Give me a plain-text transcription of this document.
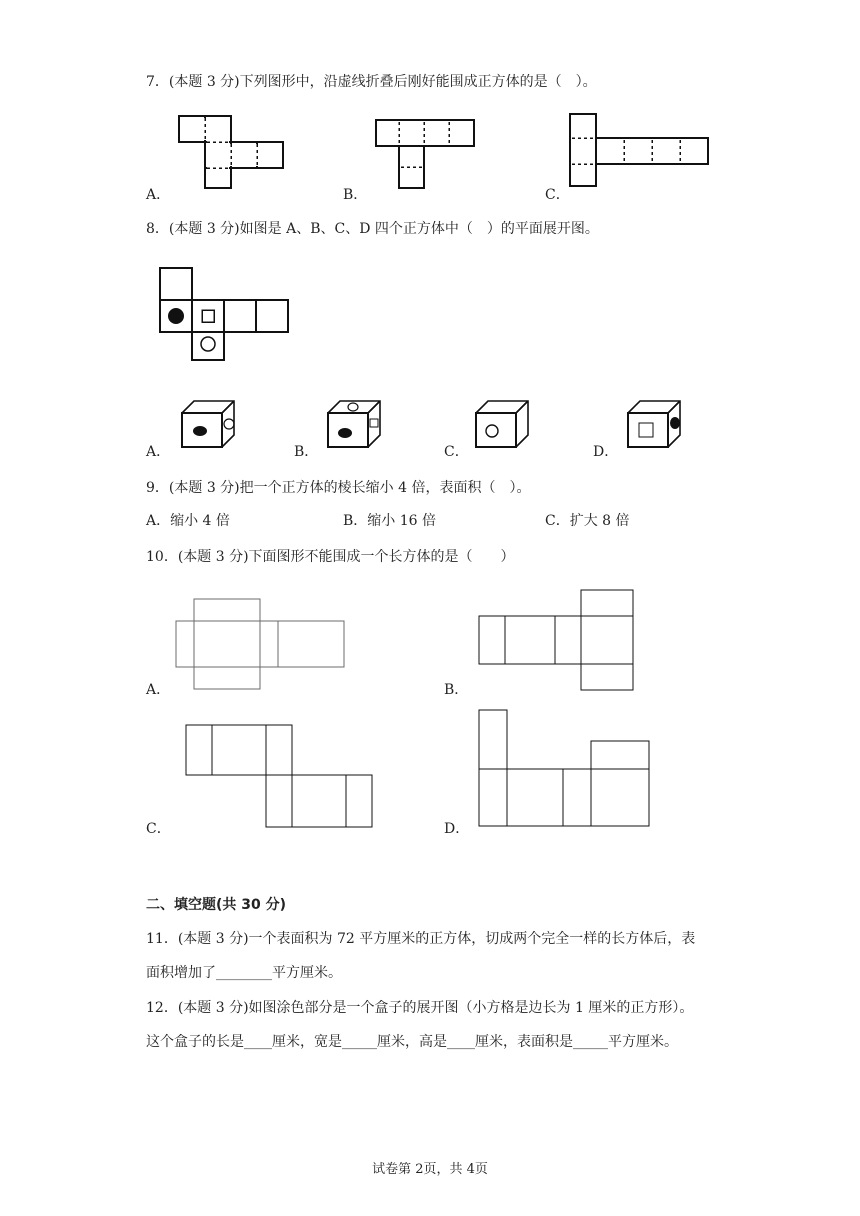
7．(本题 3 分)下列图形中，沿虚线折叠后刚好能围成正方体的是（　）。
A．	B．	C．
8．(本题 3 分)如图是 A、B、C、D 四个正方体中（　）的平面展开图。
A．	B．	C．	D．
9．(本题 3 分)把一个正方体的棱长缩小 4 倍，表面积（　）。
A．缩小 4 倍	B．缩小 16 倍	C．扩大 8 倍
10．(本题 3 分)下面图形不能围成一个长方体的是（　　）
A．	B．
C．	D．
二、填空题(共 30 分)
11．(本题 3 分)一个表面积为 72 平方厘米的正方体，切成两个完全一样的长方体后，表
面积增加了________平方厘米。
12．(本题 3 分)如图涂色部分是一个盒子的展开图（小方格是边长为 1 厘米的正方形）。
这个盒子的长是____厘米，宽是_____厘米，高是____厘米，表面积是_____平方厘米。
试卷第 2页，共 4页
